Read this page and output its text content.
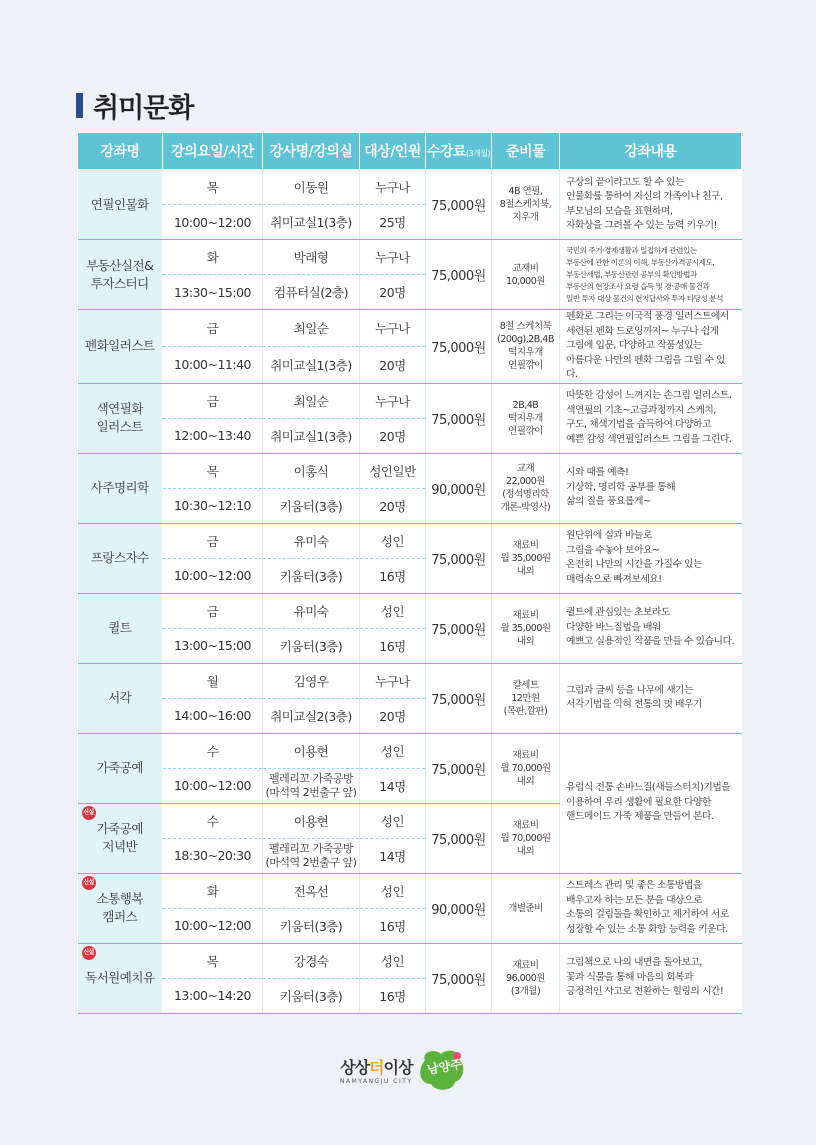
취미문화
강좌명	강의요일/시간	강사명/강의실	대상/인원	수강료(3개월)	준비물	강좌내용
연필인물화	목	이동원	누구나	75,000원	4B 연필,
8절스케치북,
지우개	구상의 끝이라고도 할 수 있는
인물화를 통하여 자신의 가족이나 친구,
부모님의 모습을 표현하며,
자화상을 그려볼 수 있는 능력 키우기!
	10:00~12:00	취미교실1(3층)	25명			
부동산실전&
투자스터디	화	박래형	누구나	75,000원	교재비
10,000원	국민의 주거·경제생활과 밀접하게 관련있는
부동산에 관한 이론의 이해, 부동산가격공시제도,
부동산세법, 부동산관련 공부의 확인방법과
부동산의 현장조사 요령 습득 및 경·공매 물건과
일반 투자 대상 물건의 현지답사와 투자 타당성 분석
	13:30~15:00	컴퓨터실(2층)	20명			
펜화일러스트	금	최일순	누구나	75,000원	8절 스케치북
(200g),2B,4B
떡지우개
연필깎이	펜화로 그리는 이국적 풍경 일러스트에서
세련된 펜화 드로잉까지~ 누구나 쉽게
그림에 입문, 다양하고 작품성있는
아름다운 나만의 펜화 그림을 그릴 수 있다.
	10:00~11:40	취미교실1(3층)	20명			
색연필화
일러스트	금	최일순	누구나	75,000원	2B,4B
떡지우개
연필깎이	따뜻한 감성이 느껴지는 손그림 일러스트.
색연필의 기초~고급과정까지 스케치,
구도, 채색기법을 습득하여 다양하고
예쁜 감성 색연필일러스트 그림을 그린다.
	12:00~13:40	취미교실1(3층)	20명			
사주명리학	목	이홍식	성인일반	90,000원	교재
22,000원
(정석명리학
개론-박영사)	시와 때를 예측!
기상학, 명리학 공부를 통해
삶의 질을 풍요롭게~
	10:30~12:10	키움터(3층)	20명			
프랑스자수	금	유미숙	성인	75,000원	재료비
월 35,000원
내외	원단위에 실과 바늘로
그림을 수놓아 보아요~
온전히 나만의 시간을 가질수 있는
매력속으로 빠져보세요!
	10:00~12:00	키움터(3층)	16명			
퀼트	금	유미숙	성인	75,000원	재료비
월 35,000원
내외	퀼트에 관심있는 초보라도
다양한 바느질법을 배워
예쁘고 실용적인 작품을 만들 수 있습니다.
	13:00~15:00	키움터(3층)	16명			
서각	월	김영우	누구나	75,000원	칼세트
12만원
(목판,깔판)	그림과 글씨 등을 나무에 새기는
서각기법을 익혀 전통의 멋 배우기
	14:00~16:00	취미교실2(3층)	20명			
가죽공예	수	이용현	성인	75,000원	재료비
월 70,000원
내외	유럽식 전통 손바느질(새들스터치)기법을
이용하여 우리 생활에 필요한 다양한
핸드메이드 가죽 제품을 만들어 본다.
	10:00~12:00	펠레리꼬 가죽공방
(마석역 2번출구 앞)	14명			

신설
가죽공예
저녁반	수	이용현	성인	75,000원	재료비
월 70,000원
내외	
	18:30~20:30	펠레리꼬 가죽공방
(마석역 2번출구 앞)	14명			

신설
소통행복
캠퍼스	화	전옥선	성인	90,000원	개별준비	스트레스 관리 및 좋은 소통방법을
배우고자 하는 모든 분을 대상으로
소통의 걸림돌을 확인하고 제거하여 서로
성장할 수 있는 소통 화합 능력을 키운다.
	10:00~12:00	키움터(3층)	16명			

신설
독서원예치유	목	강경숙	성인	75,000원	재료비
96,000원
(3개월)	그림책으로 나의 내면을 돌아보고,
꽃과 식물을 통해 마음의 회복과
긍정적인 사고로 전환하는 힐링의 시간!
	13:00~14:20	키움터(3층)	16명			
상상더이상
NAMYANGJU CITY
남양주
